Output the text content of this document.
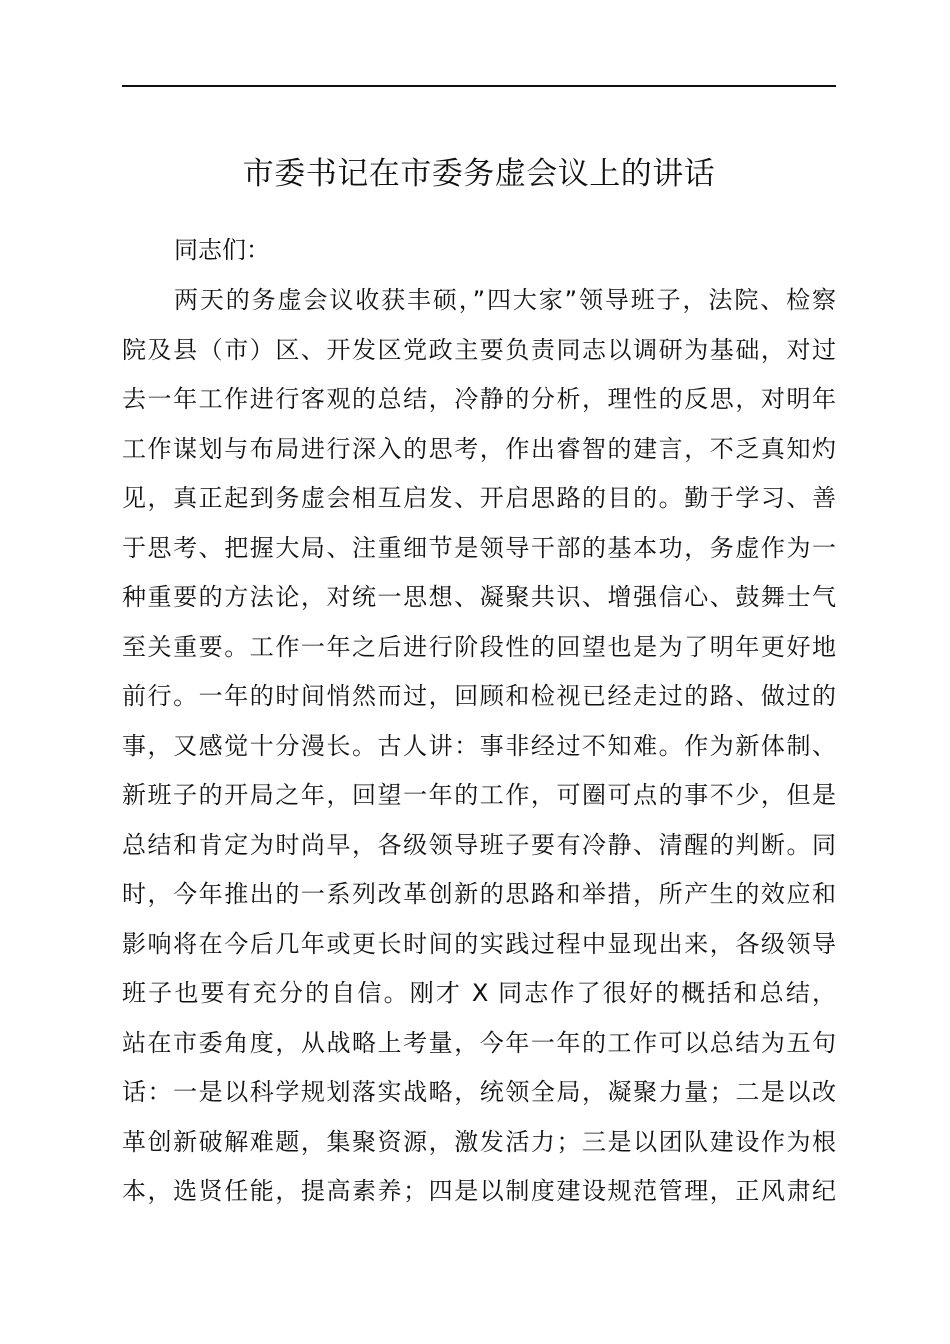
市委书记在市委务虚会议上的讲话

同志们：

两天的务虚会议收获丰硕，”四大家”领导班子，法院、检察
院及县（市）区、开发区党政主要负责同志以调研为基础，对过
去一年工作进行客观的总结，冷静的分析，理性的反思，对明年
工作谋划与布局进行深入的思考，作出睿智的建言，不乏真知灼
见，真正起到务虚会相互启发、开启思路的目的。勤于学习、善
于思考、把握大局、注重细节是领导干部的基本功，务虚作为一
种重要的方法论，对统一思想、凝聚共识、增强信心、鼓舞士气
至关重要。工作一年之后进行阶段性的回望也是为了明年更好地
前行。一年的时间悄然而过，回顾和检视已经走过的路、做过的
事，又感觉十分漫长。古人讲：事非经过不知难。作为新体制、
新班子的开局之年，回望一年的工作，可圈可点的事不少，但是
总结和肯定为时尚早，各级领导班子要有冷静、清醒的判断。同
时，今年推出的一系列改革创新的思路和举措，所产生的效应和
影响将在今后几年或更长时间的实践过程中显现出来，各级领导
班子也要有充分的自信。刚才 X 同志作了很好的概括和总结，
站在市委角度，从战略上考量，今年一年的工作可以总结为五句
话：一是以科学规划落实战略，统领全局，凝聚力量；二是以改
革创新破解难题，集聚资源，激发活力；三是以团队建设作为根
本，选贤任能，提高素养；四是以制度建设规范管理，正风肃纪
